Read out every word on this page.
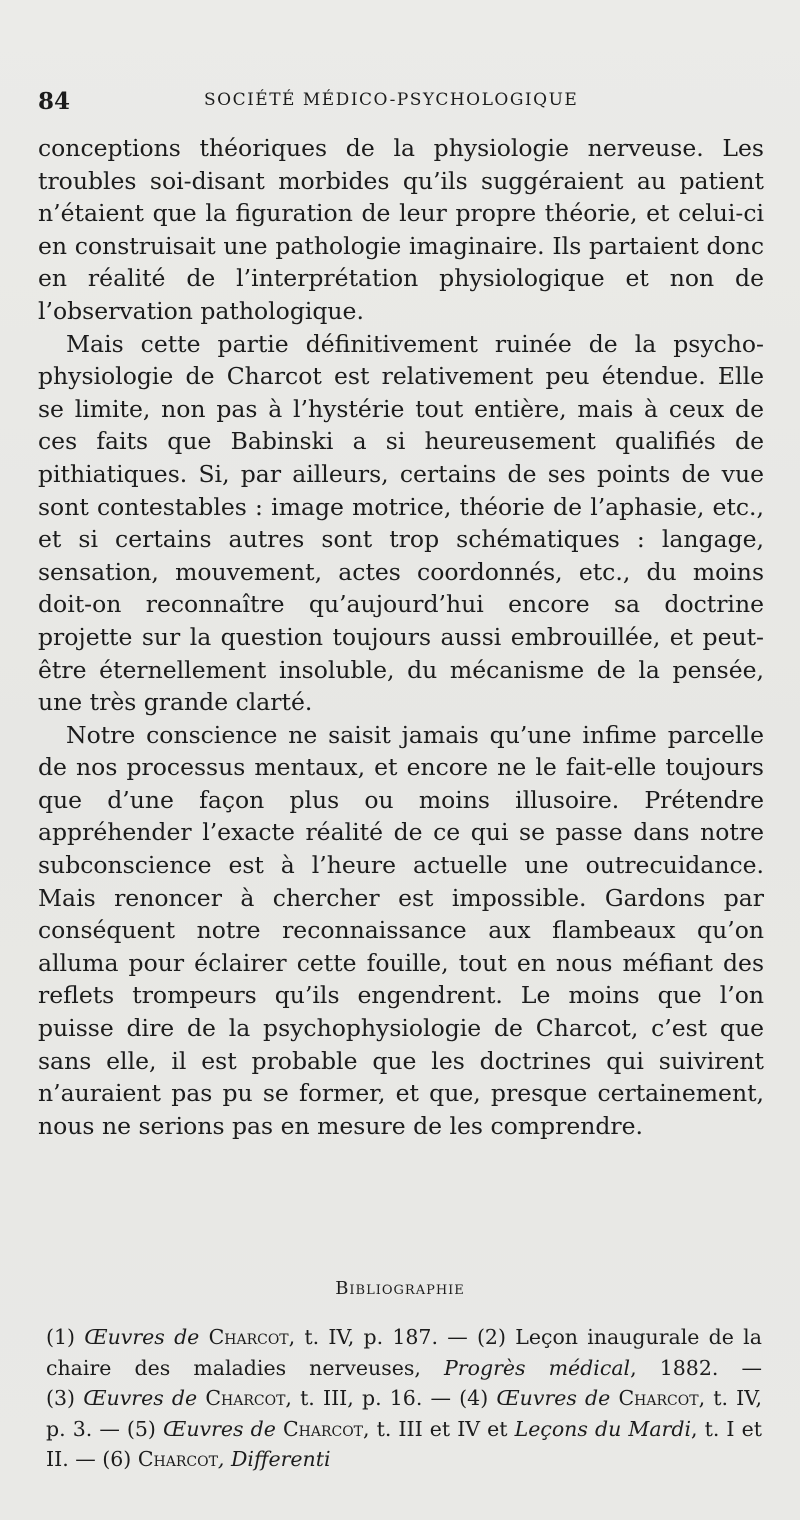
84	SOCIÉTÉ MÉDICO-PSYCHOLOGIQUE

conceptions théoriques de la physiologie nerveuse. Les troubles soi-disant morbides qu’ils suggéraient au patient n’étaient que la figuration de leur propre théorie, et celui-ci en construisait une pathologie imaginaire. Ils partaient donc en réalité de l’interprétation physiologique et non de l’observation pathologique.

Mais cette partie définitivement ruinée de la psycho-physiologie de Charcot est relativement peu étendue. Elle se limite, non pas à l’hystérie tout entière, mais à ceux de ces faits que Babinski a si heureusement qualifiés de pithiatiques. Si, par ailleurs, certains de ses points de vue sont contestables : image motrice, théorie de l’aphasie, etc., et si certains autres sont trop schématiques : langage, sensation, mouvement, actes coordonnés, etc., du moins doit-on reconnaître qu’aujourd’hui encore sa doctrine projette sur la question toujours aussi embrouillée, et peut-être éternellement insoluble, du mécanisme de la pensée, une très grande clarté.

Notre conscience ne saisit jamais qu’une infime parcelle de nos processus mentaux, et encore ne le fait-elle toujours que d’une façon plus ou moins illusoire. Prétendre appréhender l’exacte réalité de ce qui se passe dans notre subconscience est à l’heure actuelle une outrecuidance. Mais renoncer à chercher est impossible. Gardons par conséquent notre reconnaissance aux flambeaux qu’on alluma pour éclairer cette fouille, tout en nous méfiant des reflets trompeurs qu’ils engendrent. Le moins que l’on puisse dire de la psychophysiologie de Charcot, c’est que sans elle, il est probable que les doctrines qui suivirent n’auraient pas pu se former, et que, presque certainement, nous ne serions pas en mesure de les comprendre.

Bibliographie

(1) Œuvres de Charcot, t. IV, p. 187. — (2) Leçon inaugurale de la chaire des maladies nerveuses, Progrès médical, 1882. — (3) Œuvres de Charcot, t. III, p. 16. — (4) Œuvres de Charcot, t. IV, p. 3. — (5) Œuvres de Charcot, t. III et IV et Leçons du Mardi, t. I et II. — (6) Charcot, Differenti
